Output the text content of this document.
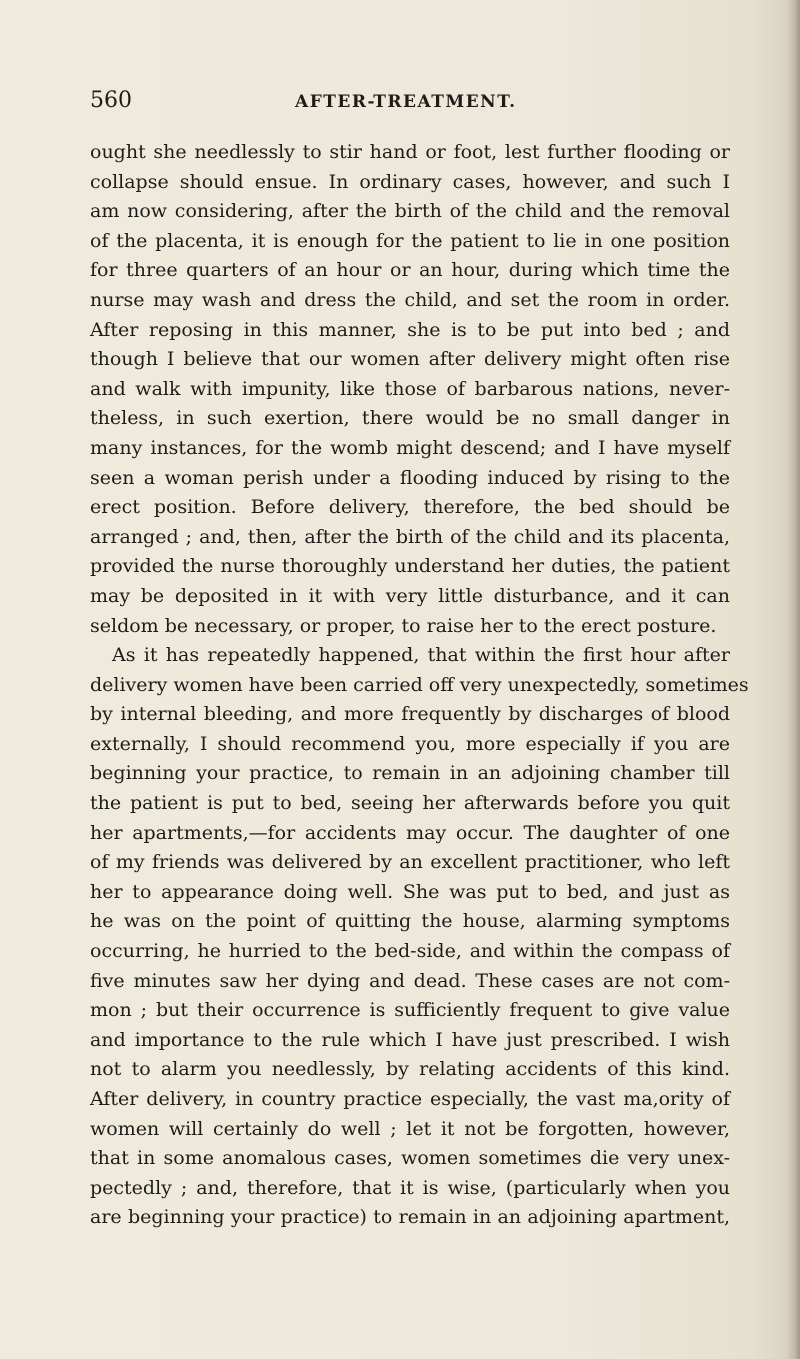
560	AFTER-TREATMENT.
ought she needlessly to stir hand or foot, lest further flooding or
collapse should ensue. In ordinary cases, however, and such I
am now considering, after the birth of the child and the removal
of the placenta, it is enough for the patient to lie in one position
for three quarters of an hour or an hour, during which time the
nurse may wash and dress the child, and set the room in order.
After reposing in this manner, she is to be put into bed ; and
though I believe that our women after delivery might often rise
and walk with impunity, like those of barbarous nations, never-
theless, in such exertion, there would be no small danger in
many instances, for the womb might descend; and I have myself
seen a woman perish under a flooding induced by rising to the
erect position. Before delivery, therefore, the bed should be
arranged ; and, then, after the birth of the child and its placenta,
provided the nurse thoroughly understand her duties, the patient
may be deposited in it with very little disturbance, and it can
seldom be necessary, or proper, to raise her to the erect posture.
As it has repeatedly happened, that within the first hour after
delivery women have been carried off very unexpectedly, sometimes
by internal bleeding, and more frequently by discharges of blood
externally, I should recommend you, more especially if you are
beginning your practice, to remain in an adjoining chamber till
the patient is put to bed, seeing her afterwards before you quit
her apartments,—for accidents may occur. The daughter of one
of my friends was delivered by an excellent practitioner, who left
her to appearance doing well. She was put to bed, and just as
he was on the point of quitting the house, alarming symptoms
occurring, he hurried to the bed-side, and within the compass of
five minutes saw her dying and dead. These cases are not com-
mon ; but their occurrence is sufficiently frequent to give value
and importance to the rule which I have just prescribed. I wish
not to alarm you needlessly, by relating accidents of this kind.
After delivery, in country practice especially, the vast ma,ority of
women will certainly do well ; let it not be forgotten, however,
that in some anomalous cases, women sometimes die very unex-
pectedly ; and, therefore, that it is wise, (particularly when you
are beginning your practice) to remain in an adjoining apartment,
